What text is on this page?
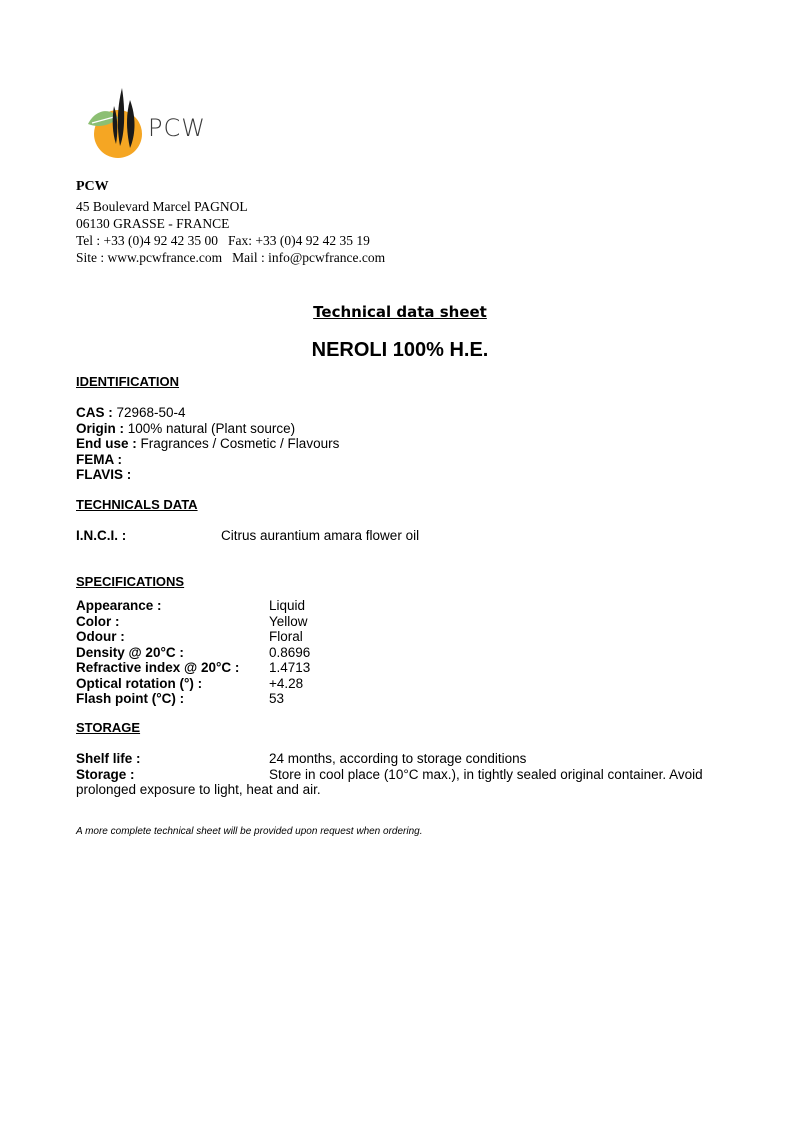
PCW
PCW
45 Boulevard Marcel PAGNOL
06130 GRASSE - FRANCE
Tel : +33 (0)4 92 42 35 00 Fax: +33 (0)4 92 42 35 19
Site : www.pcwfrance.com Mail : info@pcwfrance.com
Technical data sheet
NEROLI 100% H.E.
IDENTIFICATION
CAS : 72968-50-4
Origin : 100% natural (Plant source)
End use : Fragrances / Cosmetic / Flavours
FEMA :
FLAVIS :
TECHNICALS DATA
I.N.C.I. :	Citrus aurantium amara flower oil
SPECIFICATIONS
Appearance :	Liquid
Color :	Yellow
Odour :	Floral
Density @ 20°C :	0.8696
Refractive index @ 20°C : 1.4713
Optical rotation (°) :	+4.28
Flash point (°C) :	53
STORAGE
Shelf life :	24 months, according to storage conditions
Storage :	Store in cool place (10°C max.), in tightly sealed original container. Avoid
prolonged exposure to light, heat and air.
A more complete technical sheet will be provided upon request when ordering.
